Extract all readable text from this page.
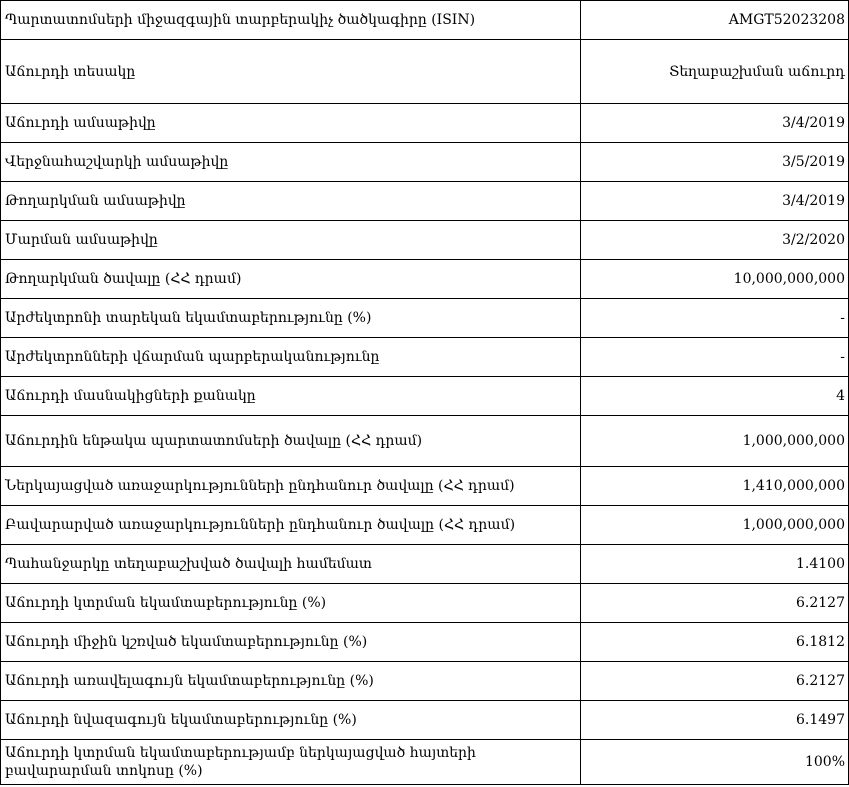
Պարտատոմսերի միջազգային տարբերակիչ ծածկագիրը (ISIN)	AMGT52023208
Աճուրդի տեսակը	Տեղաբաշխման աճուրդ
Աճուրդի ամսաթիվը	3/4/2019
Վերջնահաշվարկի ամսաթիվը	3/5/2019
Թողարկման ամսաթիվը	3/4/2019
Մարման ամսաթիվը	3/2/2020
Թողարկման ծավալը (ՀՀ դրամ)	10,000,000,000
Արժեկտրոնի տարեկան եկամտաբերությունը (%)	-
Արժեկտրոնների վճարման պարբերականությունը	-
Աճուրդի մասնակիցների քանակը	4
Աճուրդին ենթակա պարտատոմսերի ծավալը (ՀՀ դրամ)	1,000,000,000
Ներկայացված առաջարկությունների ընդհանուր ծավալը (ՀՀ դրամ)	1,410,000,000
Բավարարված առաջարկությունների ընդհանուր ծավալը (ՀՀ դրամ)	1,000,000,000
Պահանջարկը տեղաբաշխված ծավալի համեմատ	1.4100
Աճուրդի կտրման եկամտաբերությունը (%)	6.2127
Աճուրդի միջին կշռված եկամտաբերությունը (%)	6.1812
Աճուրդի առավելագույն եկամտաբերությունը (%)	6.2127
Աճուրդի նվազագույն եկամտաբերությունը (%)	6.1497
Աճուրդի կտրման եկամտաբերությամբ ներկայացված հայտերի բավարարման տոկոսը (%)	100%
